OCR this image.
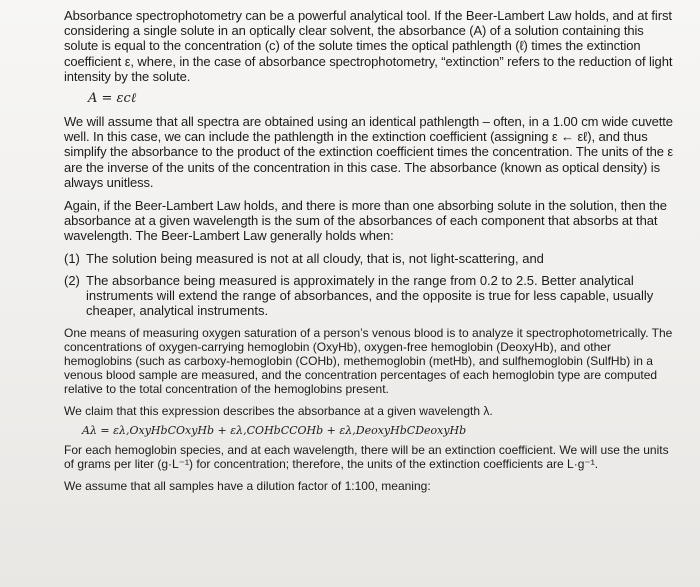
Absorbance spectrophotometry can be a powerful analytical tool. If the Beer-Lambert Law holds, and at first considering a single solute in an optically clear solvent, the absorbance (A) of a solution containing this solute is equal to the concentration (c) of the solute times the optical pathlength (ℓ) times the extinction coefficient ε, where, in the case of absorbance spectrophotometry, “extinction” refers to the reduction of light intensity by the solute.

A = εcℓ

We will assume that all spectra are obtained using an identical pathlength – often, in a 1.00 cm wide cuvette well. In this case, we can include the pathlength in the extinction coefficient (assigning ε ← εℓ), and thus simplify the absorbance to the product of the extinction coefficient times the concentration. The units of the ε are the inverse of the units of the concentration in this case. The absorbance (known as optical density) is always unitless.

Again, if the Beer-Lambert Law holds, and there is more than one absorbing solute in the solution, then the absorbance at a given wavelength is the sum of the absorbances of each component that absorbs at that wavelength. The Beer-Lambert Law generally holds when:

(1) The solution being measured is not at all cloudy, that is, not light-scattering, and
(2) The absorbance being measured is approximately in the range from 0.2 to 2.5. Better analytical instruments will extend the range of absorbances, and the opposite is true for less capable, usually cheaper, analytical instruments.

One means of measuring oxygen saturation of a person’s venous blood is to analyze it spectrophotometrically. The concentrations of oxygen-carrying hemoglobin (OxyHb), oxygen-free hemoglobin (DeoxyHb), and other hemoglobins (such as carboxy-hemoglobin (COHb), methemoglobin (metHb), and sulfhemoglobin (SulfHb) in a venous blood sample are measured, and the concentration percentages of each hemoglobin type are computed relative to the total concentration of the hemoglobins present.

We claim that this expression describes the absorbance at a given wavelength λ.

Aλ = ελ,OxyHbCOxyHb + ελ,COHbCCOHb + ελ,DeoxyHbCDeoxyHb

For each hemoglobin species, and at each wavelength, there will be an extinction coefficient. We will use the units of grams per liter (g·L⁻¹) for concentration; therefore, the units of the extinction coefficients are L·g⁻¹.

We assume that all samples have a dilution factor of 1:100, meaning:
